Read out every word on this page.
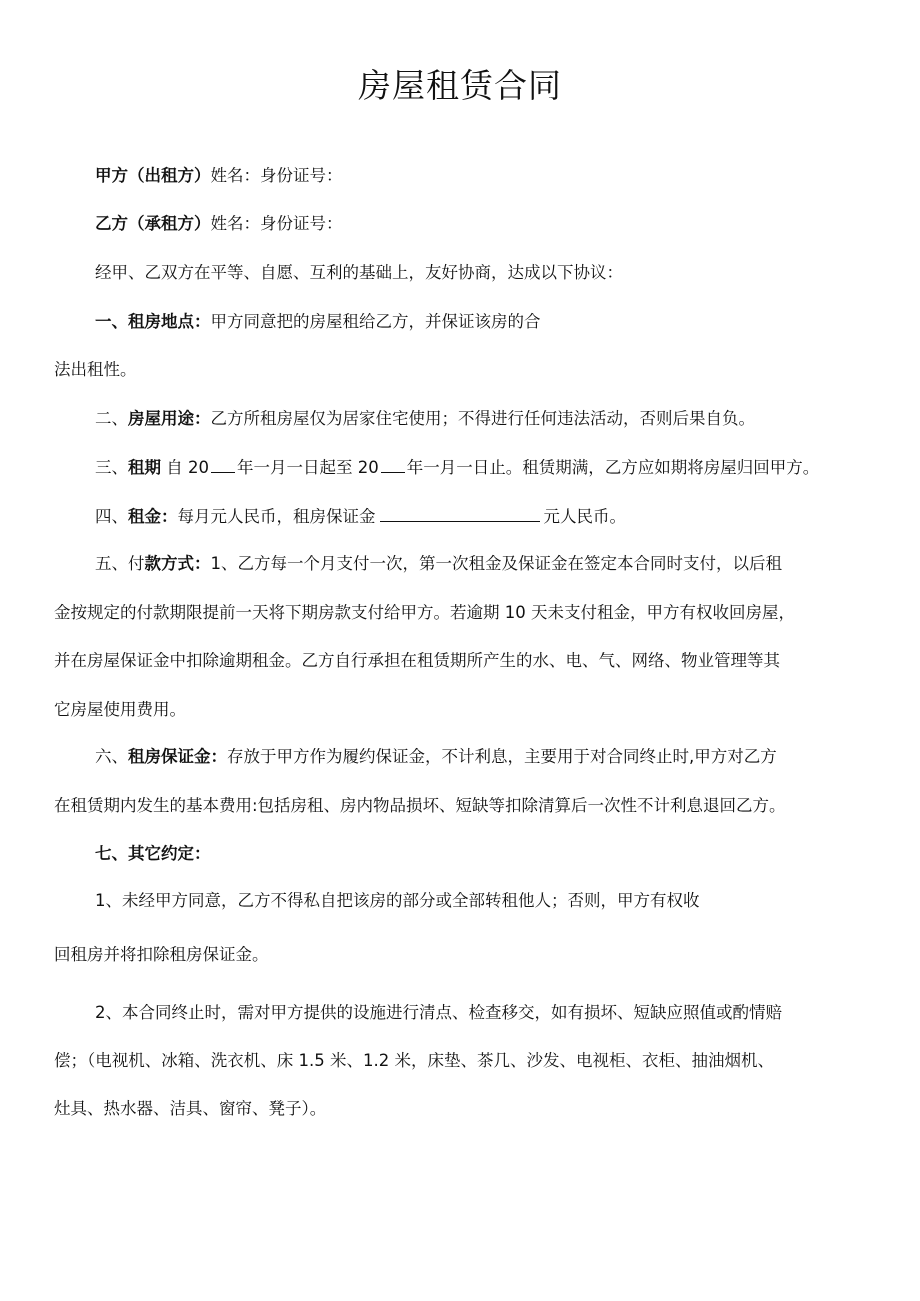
房屋租赁合同
甲方（出租方）姓名：身份证号：
乙方（承租方）姓名：身份证号：
经甲、乙双方在平等、自愿、互利的基础上，友好协商，达成以下协议：
一、租房地点：甲方同意把的房屋租给乙方，并保证该房的合
法出租性。
二、房屋用途：乙方所租房屋仅为居家住宅使用；不得进行任何违法活动，否则后果自负。
三、租期 自 20 年一月一日起至 20 年一月一日止。租赁期满，乙方应如期将房屋归回甲方。
四、租金：每月元人民币，租房保证金	元人民币。
五、付款方式：1、乙方每一个月支付一次，第一次租金及保证金在签定本合同时支付，以后租
金按规定的付款期限提前一天将下期房款支付给甲方。若逾期 10 天未支付租金，甲方有权收回房屋，
并在房屋保证金中扣除逾期租金。乙方自行承担在租赁期所产生的水、电、气、网络、物业管理等其
它房屋使用费用。
六、租房保证金：存放于甲方作为履约保证金，不计利息，主要用于对合同终止时,甲方对乙方
在租赁期内发生的基本费用:包括房租、房内物品损坏、短缺等扣除清算后一次性不计利息退回乙方。
七、其它约定：
1、未经甲方同意，乙方不得私自把该房的部分或全部转租他人；否则，甲方有权收
回租房并将扣除租房保证金。
2、本合同终止时，需对甲方提供的设施进行清点、检查移交，如有损坏、短缺应照值或酌情赔
偿；（电视机、冰箱、洗衣机、床 1.5 米、1.2 米，床垫、茶几、沙发、电视柜、衣柜、抽油烟机、
灶具、热水器、洁具、窗帘、凳子）。
